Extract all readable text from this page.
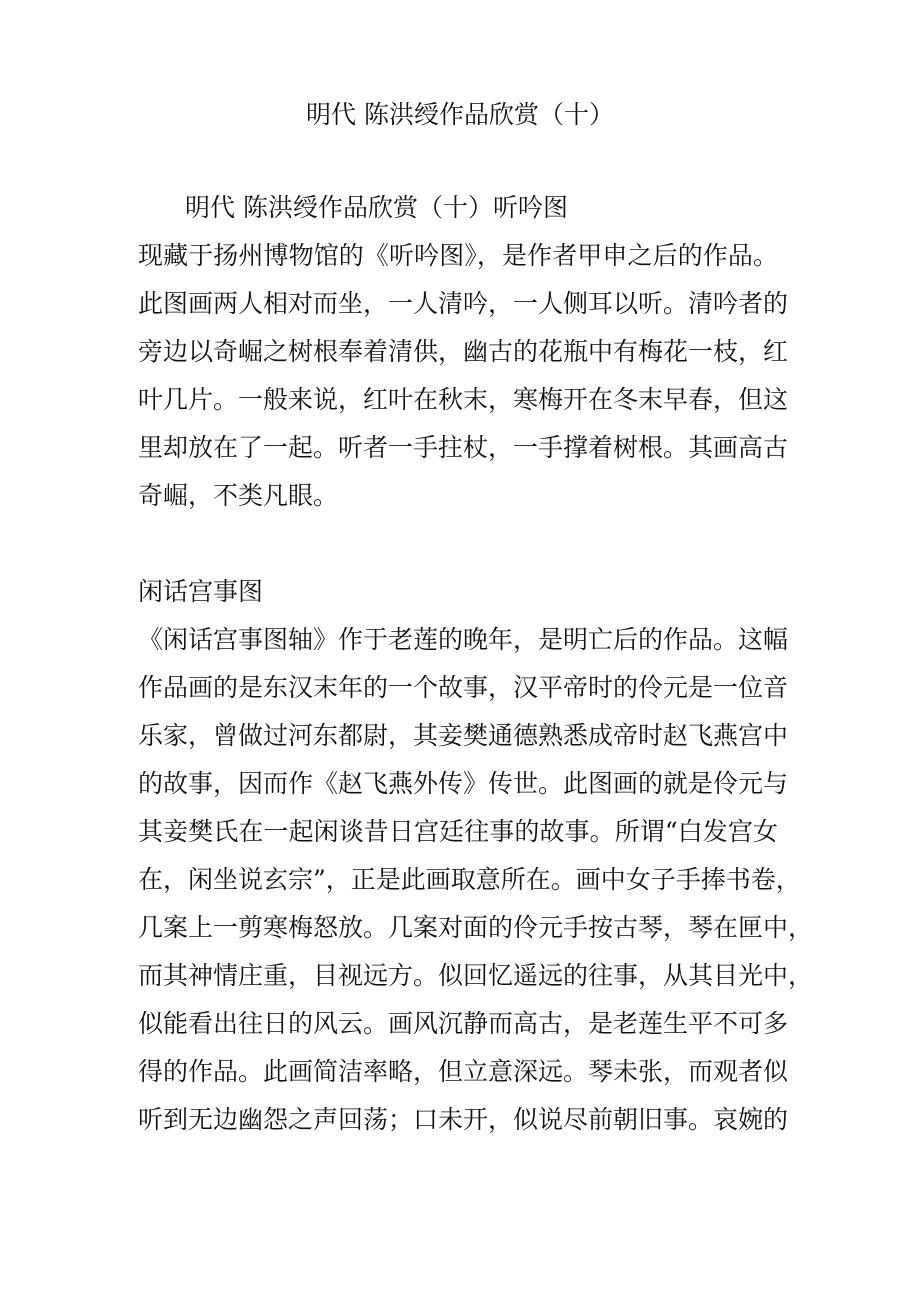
明代 陈洪绶作品欣赏（十）
明代 陈洪绶作品欣赏（十）听吟图
现藏于扬州博物馆的《听吟图》，是作者甲申之后的作品。
此图画两人相对而坐，一人清吟，一人侧耳以听。清吟者的
旁边以奇崛之树根奉着清供，幽古的花瓶中有梅花一枝，红
叶几片。一般来说，红叶在秋末，寒梅开在冬末早春，但这
里却放在了一起。听者一手拄杖，一手撑着树根。其画高古
奇崛，不类凡眼。
闲话宫事图
《闲话宫事图轴》作于老莲的晚年，是明亡后的作品。这幅
作品画的是东汉末年的一个故事，汉平帝时的伶元是一位音
乐家，曾做过河东都尉，其妾樊通德熟悉成帝时赵飞燕宫中
的故事，因而作《赵飞燕外传》传世。此图画的就是伶元与
其妾樊氏在一起闲谈昔日宫廷往事的故事。所谓“白发宫女
在，闲坐说玄宗”，正是此画取意所在。画中女子手捧书卷，
几案上一剪寒梅怒放。几案对面的伶元手按古琴，琴在匣中，
而其神情庄重，目视远方。似回忆遥远的往事，从其目光中，
似能看出往日的风云。画风沉静而高古，是老莲生平不可多
得的作品。此画简洁率略，但立意深远。琴未张，而观者似
听到无边幽怨之声回荡；口未开，似说尽前朝旧事。哀婉的
